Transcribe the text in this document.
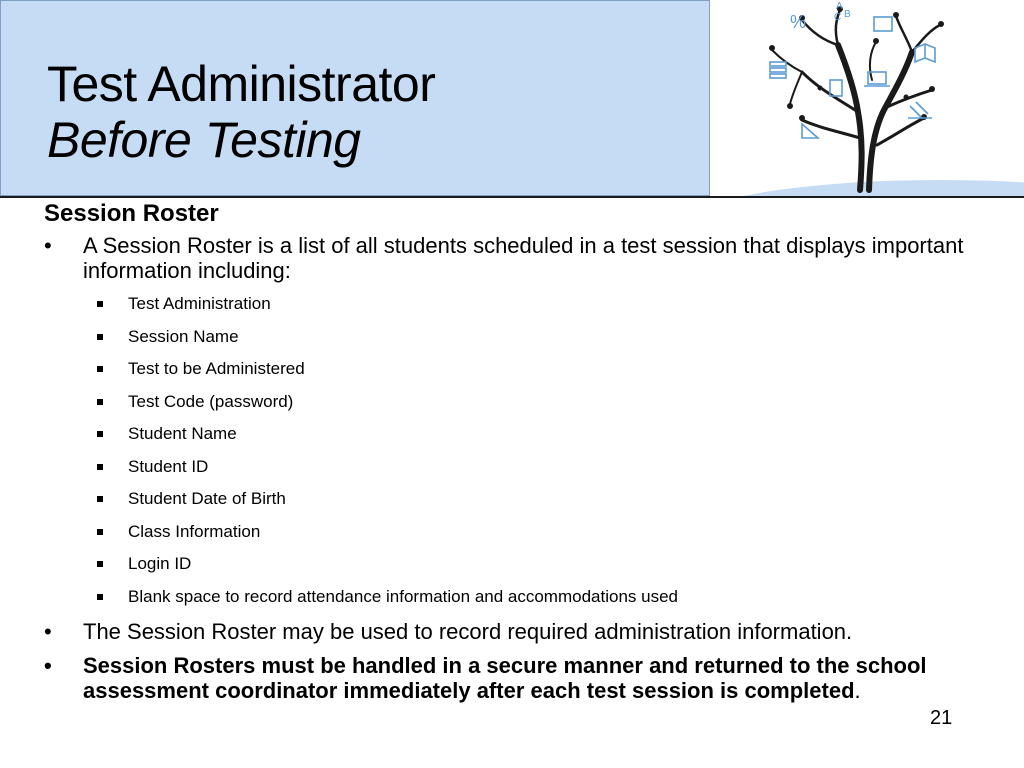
Test Administrator
Before Testing
%
A
C B
Session Roster
• A Session Roster is a list of all students scheduled in a test session that displays important information including:
Test Administration
Session Name
Test to be Administered
Test Code (password)
Student Name
Student ID
Student Date of Birth
Class Information
Login ID
Blank space to record attendance information and accommodations used
• The Session Roster may be used to record required administration information.
• Session Rosters must be handled in a secure manner and returned to the school assessment coordinator immediately after each test session is completed.
21
